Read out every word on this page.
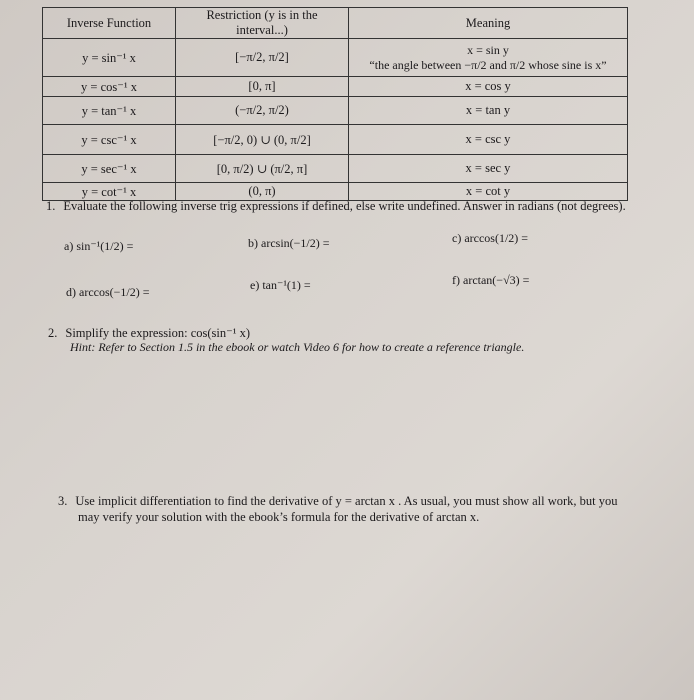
Inverse Function	Restriction (y is in the interval...)	Meaning
y = sin⁻¹ x	[−π/2, π/2]	x = sin y
“the angle between −π/2 and π/2 whose sine is x”

y = cos⁻¹ x	[0, π]	x = cos y
y = tan⁻¹ x	(−π/2, π/2)	x = tan y
y = csc⁻¹ x	[−π/2, 0) ∪ (0, π/2]	x = csc y
y = sec⁻¹ x	[0, π/2) ∪ (π/2, π]	x = sec y
y = cot⁻¹ x	(0, π)	x = cot y
1. Evaluate the following inverse trig expressions if defined, else write undefined. Answer in radians (not degrees).
a) sin⁻¹(1/2) =	b) arcsin(−1/2) =	c) arccos(1/2) =
d) arccos(−1/2) =	e) tan⁻¹(1) =	f) arctan(−√3) =
2. Simplify the expression: cos(sin⁻¹ x)
Hint: Refer to Section 1.5 in the ebook or watch Video 6 for how to create a reference triangle.
3. Use implicit differentiation to find the derivative of y = arctan x . As usual, you must show all work, but you
may verify your solution with the ebook’s formula for the derivative of arctan x.
